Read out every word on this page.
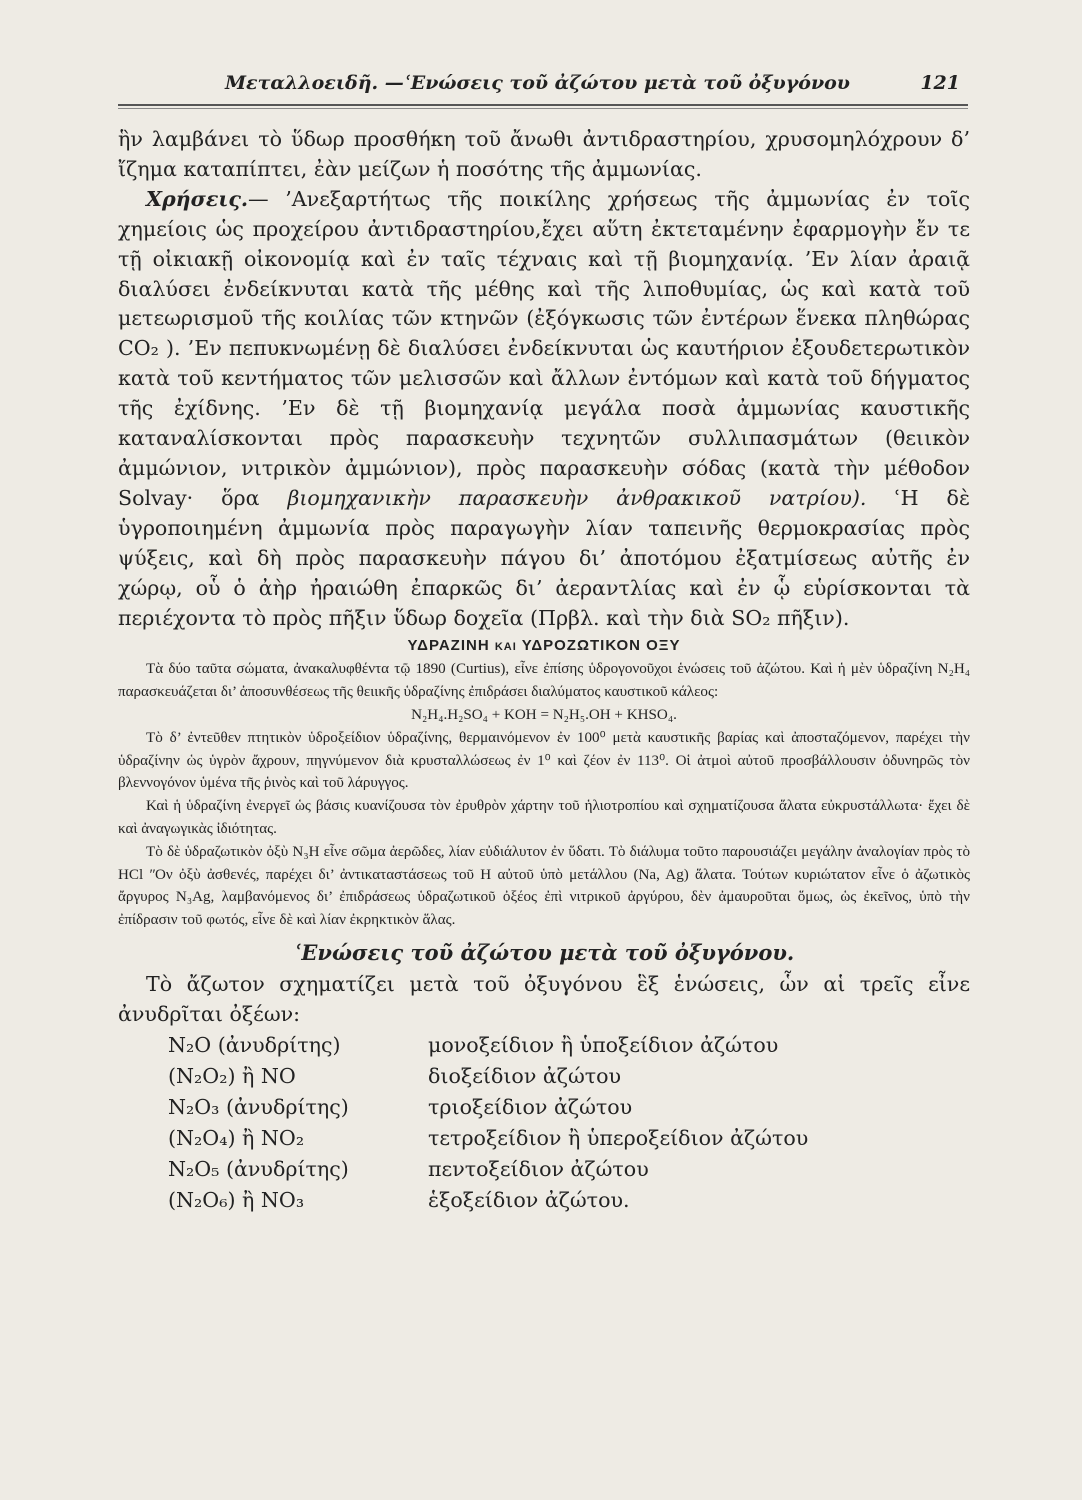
Μεταλλοειδῆ. —ʿΕνώσεις τοῦ ἀζώτου μετὰ τοῦ ὀξυγόνου	121

ἣν λαμβάνει τὸ ὕδωρ προσθήκη τοῦ ἄνωθι ἀντιδραστηρίου, χρυσομηλόχρουν δ’ ἴζημα καταπίπτει, ἐὰν μείζων ἡ ποσότης τῆς ἀμμωνίας.

Χρήσεις.— ’Ανεξαρτήτως τῆς ποικίλης χρήσεως τῆς ἀμμωνίας ἐν τοῖς χημείοις ὡς προχείρου ἀντιδραστηρίου,ἔχει αὕτη ἐκτεταμένην ἐφαρμογὴν ἔν τε τῇ οἰκιακῇ οἰκονομίᾳ καὶ ἐν ταῖς τέχναις καὶ τῇ βιομηχανίᾳ. ’Εν λίαν ἀραιᾷ διαλύσει ἐνδείκνυται κατὰ τῆς μέθης καὶ τῆς λιποθυμίας, ὡς καὶ κατὰ τοῦ μετεωρισμοῦ τῆς κοιλίας τῶν κτηνῶν (ἐξόγκωσις τῶν ἐντέρων ἕνεκα πληθώρας CO₂ ). ’Εν πεπυκνωμένῃ δὲ διαλύσει ἐνδείκνυται ὡς καυτήριον ἐξουδετερωτικὸν κατὰ τοῦ κεντήματος τῶν μελισσῶν καὶ ἄλλων ἐντόμων καὶ κατὰ τοῦ δήγματος τῆς ἐχίδνης. ’Εν δὲ τῇ βιομηχανίᾳ μεγάλα ποσὰ ἀμμωνίας καυστικῆς καταναλίσκονται πρὸς παρασκευὴν τεχνητῶν συλλιπασμάτων (θειικὸν ἀμμώνιον, νιτρικὸν ἀμμώνιον), πρὸς παρασκευὴν σόδας (κατὰ τὴν μέθοδον Solvay· ὅρα βιομηχανικὴν παρασκευὴν ἀνθρακικοῦ νατρίου). ʿΗ δὲ ὑγροποιημένη ἀμμωνία πρὸς παραγωγὴν λίαν ταπεινῆς θερμοκρασίας πρὸς ψύξεις, καὶ δὴ πρὸς παρασκευὴν πάγου δι’ ἀποτόμου ἐξατμίσεως αὐτῆς ἐν χώρῳ, οὗ ὁ ἀὴρ ἠραιώθη ἐπαρκῶς δι’ ἀεραντλίας καὶ ἐν ᾧ εὑρίσκονται τὰ περιέχοντα τὸ πρὸς πῆξιν ὕδωρ δοχεῖα (Πρβλ. καὶ τὴν διὰ SO₂ πῆξιν).

ΥΔΡΑΖΙΝΗ ΚΑΙ ΥΔΡΟΖΩΤΙΚΟΝ ΟΞΥ

Τὰ δύο ταῦτα σώματα, ἀνακαλυφθέντα τῷ 1890 (Curtius), εἶνε ἐπίσης ὑδρογονοῦχοι ἑνώσεις τοῦ ἀζώτου. Καὶ ἡ μὲν ὑδραζίνη N₂H₄ παρασκευάζεται δι’ ἀποσυνθέσεως τῆς θειικῆς ὑδραζίνης ἐπιδράσει διαλύματος καυστικοῦ κάλεος:

N₂H₄.H₂SO₄ + KOH = N₂H₅.OH + KHSO₄.

Τὸ δ’ ἐντεῦθεν πτητικὸν ὑδροξείδιον ὑδραζίνης, θερμαινόμενον ἐν 100⁰ μετὰ καυστικῆς βαρίας καὶ ἀποσταζόμενον, παρέχει τὴν ὑδραζίνην ὡς ὑγρὸν ἄχρουν, πηγνύμενον διὰ κρυσταλλώσεως ἐν 1⁰ καὶ ζέον ἐν 113⁰. Οἱ ἀτμοὶ αὐτοῦ προσβάλλουσιν ὀδυνηρῶς τὸν βλεννογόνον ὑμένα τῆς ῥινὸς καὶ τοῦ λάρυγγος.

Καὶ ἡ ὑδραζίνη ἐνεργεῖ ὡς βάσις κυανίζουσα τὸν ἐρυθρὸν χάρτην τοῦ ἡλιοτροπίου καὶ σχηματίζουσα ἅλατα εὐκρυστάλλωτα· ἔχει δὲ καὶ ἀναγωγικὰς ἰδιότητας.

Τὸ δὲ ὑδραζωτικὸν ὀξὺ N₃H εἶνε σῶμα ἀερῶδες, λίαν εὐδιάλυτον ἐν ὕδατι. Τὸ διάλυμα τοῦτο παρουσιάζει μεγάλην ἀναλογίαν πρὸς τὸ HCl ʺΟν ὀξὺ ἀσθενές, παρέχει δι’ ἀντικαταστάσεως τοῦ H αὐτοῦ ὑπὸ μετάλλου (Na, Ag) ἅλατα. Τούτων κυριώτατον εἶνε ὁ ἀζωτικὸς ἄργυρος N₃Ag, λαμβανόμενος δι’ ἐπιδράσεως ὑδραζωτικοῦ ὀξέος ἐπὶ νιτρικοῦ ἀργύρου, δὲν ἀμαυροῦται ὅμως, ὡς ἐκεῖνος, ὑπὸ τὴν ἐπίδρασιν τοῦ φωτός, εἶνε δὲ καὶ λίαν ἐκρηκτικὸν ἅλας.

ʿΕνώσεις τοῦ ἀζώτου μετὰ τοῦ ὀξυγόνου.

Τὸ ἄζωτον σχηματίζει μετὰ τοῦ ὀξυγόνου ἓξ ἑνώσεις, ὧν αἱ τρεῖς εἶνε ἀνυδρῖται ὀξέων:

N₂O (ἀνυδρίτης)	μονοξείδιον ἢ ὑποξείδιον ἀζώτου
(N₂O₂) ἢ NO	διοξείδιον ἀζώτου
N₂O₃ (ἀνυδρίτης)	τριοξείδιον ἀζώτου
(N₂O₄) ἢ NO₂	τετροξείδιον ἢ ὑπεροξείδιον ἀζώτου
N₂O₅ (ἀνυδρίτης)	πεντοξείδιον ἀζώτου
(N₂O₆) ἢ NO₃	ἑξοξείδιον ἀζώτου.
